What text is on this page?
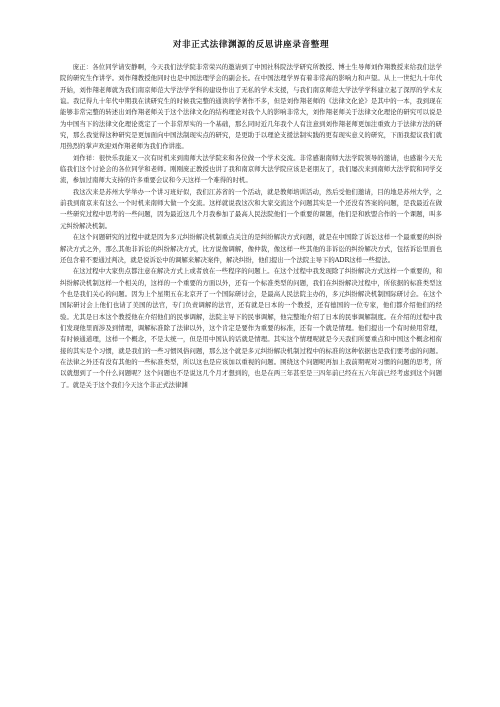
对非正式法律渊源的反思讲座录音整理

庞正：各位同学请安静啊，今天我们法学院非常荣兴的邀请到了中国社科院法学研究所教授、博士生导师刘作翔教授来给我们法学院的研究生作讲学。刘作翔教授他同时也是中国法理学会的副会长。在中国法理学界有着非常高的影响力和声望。从上一世纪九十年代开始，刘作翔老师就为我们南京师范大学法学学科的建设作出了无私的学术支援，与我们南京师范大学法学学科建立起了深厚的学术友谊。我记得九十年代中期我在读研究生的时候我完整的通读的学著作不多，但是刘作翔老师的《法律文化论》是其中的一本，我到现在能够非常完整的转述出刘作翔老师关于这个法律文化的结构理论对我个人的影响非常大，刘作翔老师关于法律文化理论的研究可以说是为中国当下的法律文化理论奠定了一个非常厚实的一个基础，那么同时近几年我个人有注意到刘作翔老师更加注重致力于法律方法的研究，那么我觉得这种研究是更加面向中国法制现实点的研究，是更助于以理论支援法制实践的更有现实意义的研究，下面我提议我们就用热烈的掌声欢迎刘作翔老师为我们作讲座。

刘作祥：很快乐我能又一次有时机来到南师大法学院来和各位做一个学术交流。非常感谢南师大法学院领导的邀请，也感谢今天光临我们这个讨论会的各位同学和老师。刚刚庞正教授也讲了我和南京师大法学院应该是老朋友了，我们屡次来到南师大法学院和同学交流，参加过南师大支持的许多重要会议和今天这样一个难得的时机。

我这次来是苏州大学举办一个讲习班好似，我们江苏省的一个活动，就是教师培训活动，然后受他们邀请，目的地是苏州大学，之前我到南京来有这么一个时机来南师大做一个交流。这样就说我这次和大家交流这个问题其实是一个还没有答案的问题，是我最近在做一些研究过程中思考的一些问题，因为最近这几个月我参加了最高人民法院他们一个重要的课题，他们是和欧盟合作的一个课题，叫多元纠纷解决机制。

在这个问题研究的过程中就是因为多元纠纷解决机制重点关注的是纠纷解决方式问题，就是在中国除了诉讼这样一个最重要的纠纷解决方式之外，那么其他非诉讼的纠纷解决方式，比方说像调解，像仲裁，像这样一些其他的非诉讼的纠纷解决方式，包括诉讼里面也还包含着不要通过判决，就是说诉讼中的调解来解决案件，解决纠纷，他们提出一个法院主导下的ADR这样一些提法。

在这过程中大家焦点都注意在解决方式上或者放在一些程序的问题上。在这个过程中我发现除了纠纷解决方式这样一个重要的，和纠纷解决机制这样一个相关的，这样的一个重要的方面以外，还有一个标准类型的问题，我们在纠纷解决过程中，所依据的标准类型这个也是我们关心的问题。因为上个星期五在北京开了一个国际研讨会，是最高人民法院主办的，多元纠纷解决机制国际研讨会。在这个国际研讨会上他们也请了美国的法官，专门负责调解的法官，还有就是日本的一个教授，还有德国的一位专家，他们都介绍他们的经验。尤其是日本这个教授他在介绍他们的民事调解，法院主导下的民事调解，他完整地介绍了日本的民事调解制度。在介绍的过程中我们发现他里面涉及到情理，调解标准除了法律以外，这个肯定是要作为重要的标准，还有一个就是情理。他们提出一个有时候用常理，有时候通道理，这样一个概念，不是太统一，但是用中国认的话就是情理。其实这个情理呢就是今天我们所要重点和中国这个概念相衔接的其实是个习惯，就是我们的一些习惯风俗问题，那么这个就是多元纠纷解决机制过程中的标准的这种依据也是我们要考虑的问题。在法律之外还有没有其他的一些标准类型，所以这也是应该加以重视的问题。围绕这个问题呢再加上我前期呢对习惯的问题的思考，所以就想到了一个什么问题呢？这个问题也不是说这几个月才想到的，也是在两三年甚至是三四年前已经在五六年前已经考虑到这个问题了。就是关于这个我们今天这个非正式法律渊
